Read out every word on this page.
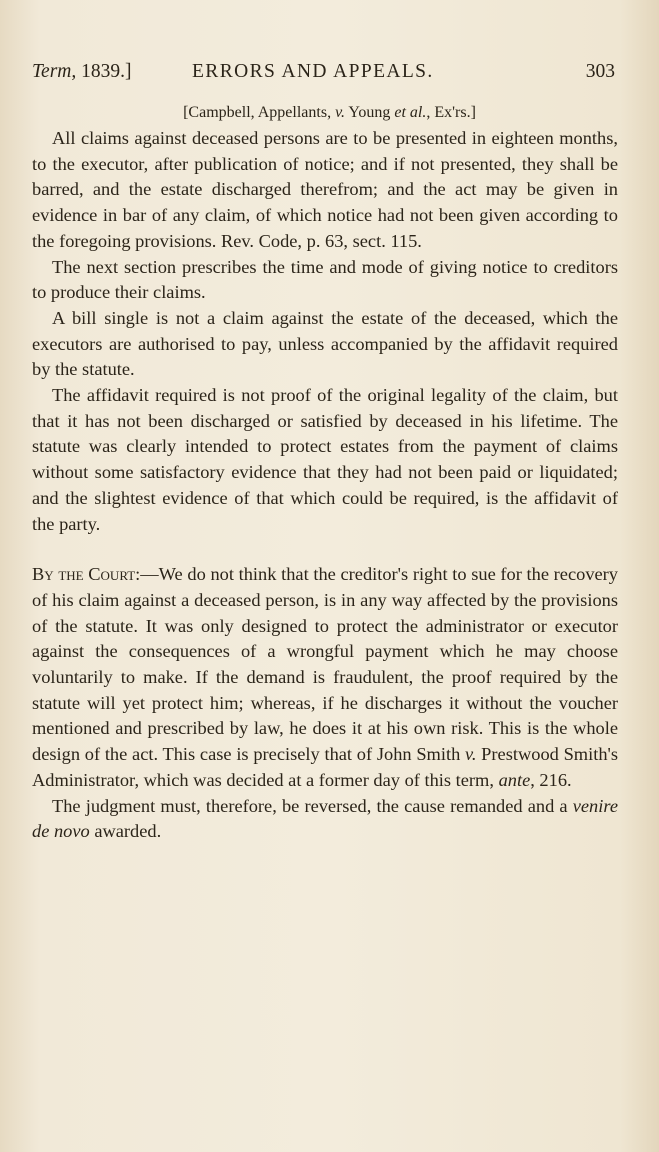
Term, 1839.]	ERRORS AND APPEALS.	303
[Campbell, Appellants, v. Young et al., Ex'rs.]

All claims against deceased persons are to be presented in eighteen months, to the executor, after publication of notice; and if not presented, they shall be barred, and the estate discharged therefrom; and the act may be given in evidence in bar of any claim, of which notice had not been given according to the foregoing provisions. Rev. Code, p. 63, sect. 115.

The next section prescribes the time and mode of giving notice to creditors to produce their claims.

A bill single is not a claim against the estate of the deceased, which the executors are authorised to pay, unless accompanied by the affidavit required by the statute.

The affidavit required is not proof of the original legality of the claim, but that it has not been discharged or satisfied by deceased in his lifetime. The statute was clearly intended to protect estates from the payment of claims without some satisfactory evidence that they had not been paid or liquidated; and the slightest evidence of that which could be required, is the affidavit of the party.

By the Court:—We do not think that the creditor's right to sue for the recovery of his claim against a deceased person, is in any way affected by the provisions of the statute. It was only designed to protect the administrator or executor against the consequences of a wrongful payment which he may choose voluntarily to make. If the demand is fraudulent, the proof required by the statute will yet protect him; whereas, if he discharges it without the voucher mentioned and prescribed by law, he does it at his own risk. This is the whole design of the act. This case is precisely that of John Smith v. Prestwood Smith's Administrator, which was decided at a former day of this term, ante, 216.

The judgment must, therefore, be reversed, the cause remanded and a venire de novo awarded.
